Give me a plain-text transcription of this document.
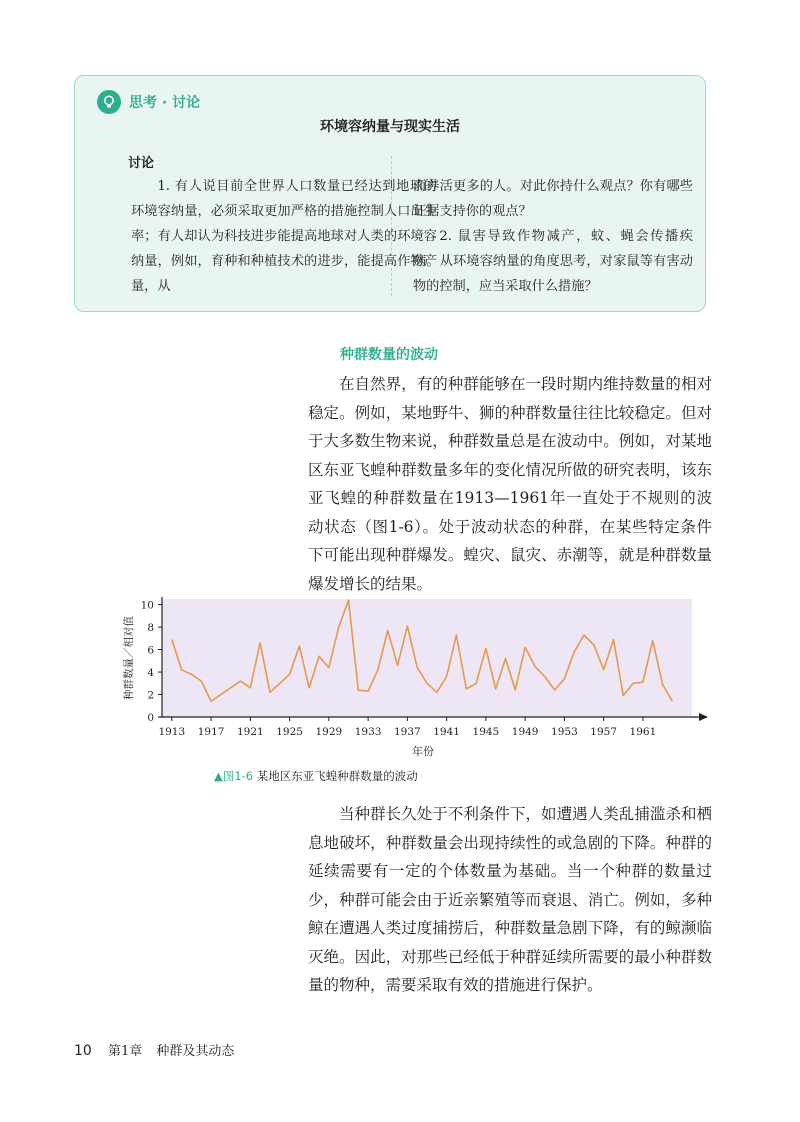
思考 · 讨论
环境容纳量与现实生活
讨论

1. 有人说目前全世界人口数量已经达到地球的环境容纳量，必须采取更加严格的措施控制人口出生率；有人却认为科技进步能提高地球对人类的环境容纳量，例如，育种和种植技术的进步，能提高作物产量，从

而养活更多的人。对此你持什么观点？你有哪些证据支持你的观点？

2. 鼠害导致作物减产，蚊、蝇会传播疾病。从环境容纳量的角度思考，对家鼠等有害动物的控制，应当采取什么措施？

种群数量的波动

在自然界，有的种群能够在一段时期内维持数量的相对稳定。例如，某地野牛、狮的种群数量往往比较稳定。但对于大多数生物来说，种群数量总是在波动中。例如，对某地区东亚飞蝗种群数量多年的变化情况所做的研究表明，该东亚飞蝗的种群数量在1913—1961年一直处于不规则的波动状态（图1-6）。处于波动状态的种群，在某些特定条件下可能出现种群爆发。蝗灾、鼠灾、赤潮等，就是种群数量爆发增长的结果。

1913 1917 1921 1925 1929 1933 1937 1941 1945 1949 1953 1957 1961
0
2
4
6
8
10
年份
种群数量／相对值
▲图1-6 某地区东亚飞蝗种群数量的波动

当种群长久处于不利条件下，如遭遇人类乱捕滥杀和栖息地破坏，种群数量会出现持续性的或急剧的下降。种群的延续需要有一定的个体数量为基础。当一个种群的数量过少，种群可能会由于近亲繁殖等而衰退、消亡。例如，多种鲸在遭遇人类过度捕捞后，种群数量急剧下降，有的鲸濒临灭绝。因此，对那些已经低于种群延续所需要的最小种群数量的物种，需要采取有效的措施进行保护。

10 第1章 种群及其动态
